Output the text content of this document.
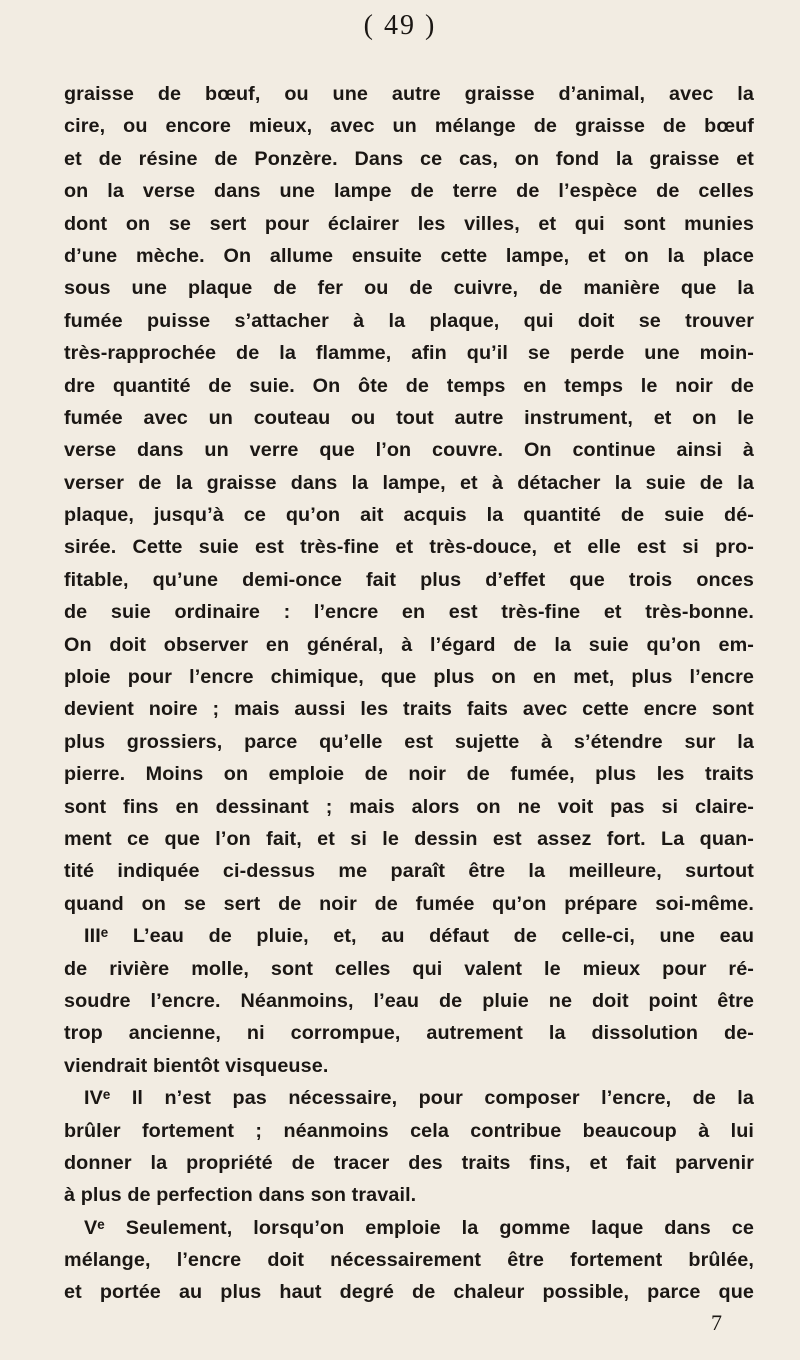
( 49 )
graisse de bœuf, ou une autre graisse d’animal, avec la
cire, ou encore mieux, avec un mélange de graisse de bœuf
et de résine de Ponzère. Dans ce cas, on fond la graisse et
on la verse dans une lampe de terre de l’espèce de celles
dont on se sert pour éclairer les villes, et qui sont munies
d’une mèche. On allume ensuite cette lampe, et on la place
sous une plaque de fer ou de cuivre, de manière que la
fumée puisse s’attacher à la plaque, qui doit se trouver
très-rapprochée de la flamme, afin qu’il se perde une moin-
dre quantité de suie. On ôte de temps en temps le noir de
fumée avec un couteau ou tout autre instrument, et on le
verse dans un verre que l’on couvre. On continue ainsi à
verser de la graisse dans la lampe, et à détacher la suie de la
plaque, jusqu’à ce qu’on ait acquis la quantité de suie dé-
sirée. Cette suie est très-fine et très-douce, et elle est si pro-
fitable, qu’une demi-once fait plus d’effet que trois onces
de suie ordinaire : l’encre en est très-fine et très-bonne.
On doit observer en général, à l’égard de la suie qu’on em-
ploie pour l’encre chimique, que plus on en met, plus l’encre
devient noire ; mais aussi les traits faits avec cette encre sont
plus grossiers, parce qu’elle est sujette à s’étendre sur la
pierre. Moins on emploie de noir de fumée, plus les traits
sont fins en dessinant ; mais alors on ne voit pas si claire-
ment ce que l’on fait, et si le dessin est assez fort. La quan-
tité indiquée ci-dessus me paraît être la meilleure, surtout
quand on se sert de noir de fumée qu’on prépare soi-même.
IIIᵉ L’eau de pluie, et, au défaut de celle-ci, une eau
de rivière molle, sont celles qui valent le mieux pour ré-
soudre l’encre. Néanmoins, l’eau de pluie ne doit point être
trop ancienne, ni corrompue, autrement la dissolution de-
viendrait bientôt visqueuse.
IVᵉ Il n’est pas nécessaire, pour composer l’encre, de la
brûler fortement ; néanmoins cela contribue beaucoup à lui
donner la propriété de tracer des traits fins, et fait parvenir
à plus de perfection dans son travail.
Vᵉ Seulement, lorsqu’on emploie la gomme laque dans ce
mélange, l’encre doit nécessairement être fortement brûlée,
et portée au plus haut degré de chaleur possible, parce que
7
